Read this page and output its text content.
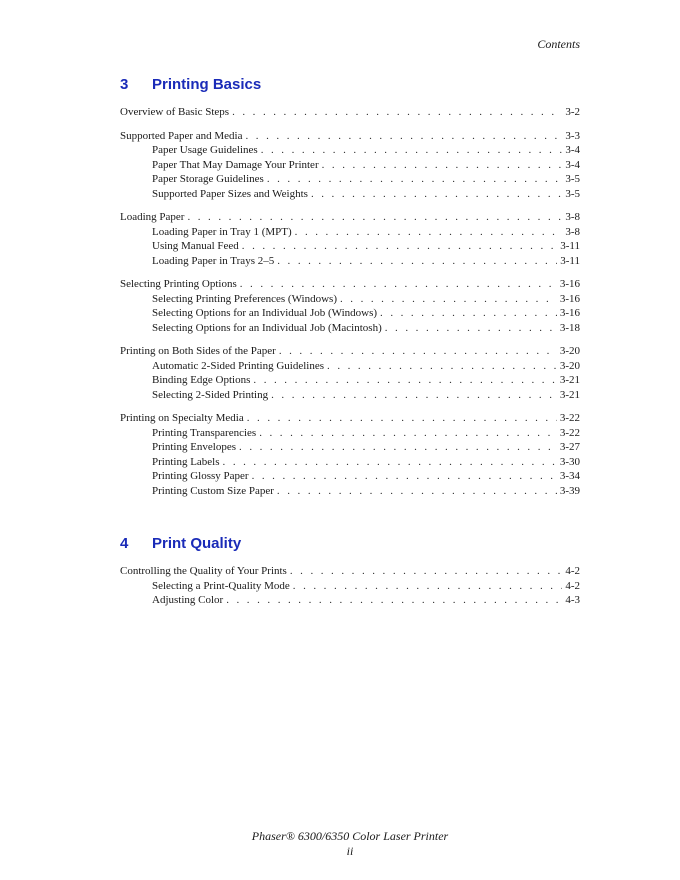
Contents
3	Printing Basics
Overview of Basic Steps . . .	3-2
Supported Paper and Media . . .	3-3
Paper Usage Guidelines . . .	3-4
Paper That May Damage Your Printer . . .	3-4
Paper Storage Guidelines . . .	3-5
Supported Paper Sizes and Weights . . .	3-5
Loading Paper . . .	3-8
Loading Paper in Tray 1 (MPT) . . .	3-8
Using Manual Feed . . .	3-11
Loading Paper in Trays 2–5 . . .	3-11
Selecting Printing Options . . .	3-16
Selecting Printing Preferences (Windows) . . .	3-16
Selecting Options for an Individual Job (Windows) . . .	3-16
Selecting Options for an Individual Job (Macintosh) . . .	3-18
Printing on Both Sides of the Paper . . .	3-20
Automatic 2-Sided Printing Guidelines . . .	3-20
Binding Edge Options . . .	3-21
Selecting 2-Sided Printing . . .	3-21
Printing on Specialty Media . . .	3-22
Printing Transparencies . . .	3-22
Printing Envelopes . . .	3-27
Printing Labels . . .	3-30
Printing Glossy Paper . . .	3-34
Printing Custom Size Paper . . .	3-39
4	Print Quality
Controlling the Quality of Your Prints . . .	4-2
Selecting a Print-Quality Mode . . .	4-2
Adjusting Color . . .	4-3
Phaser® 6300/6350 Color Laser Printer
ii
